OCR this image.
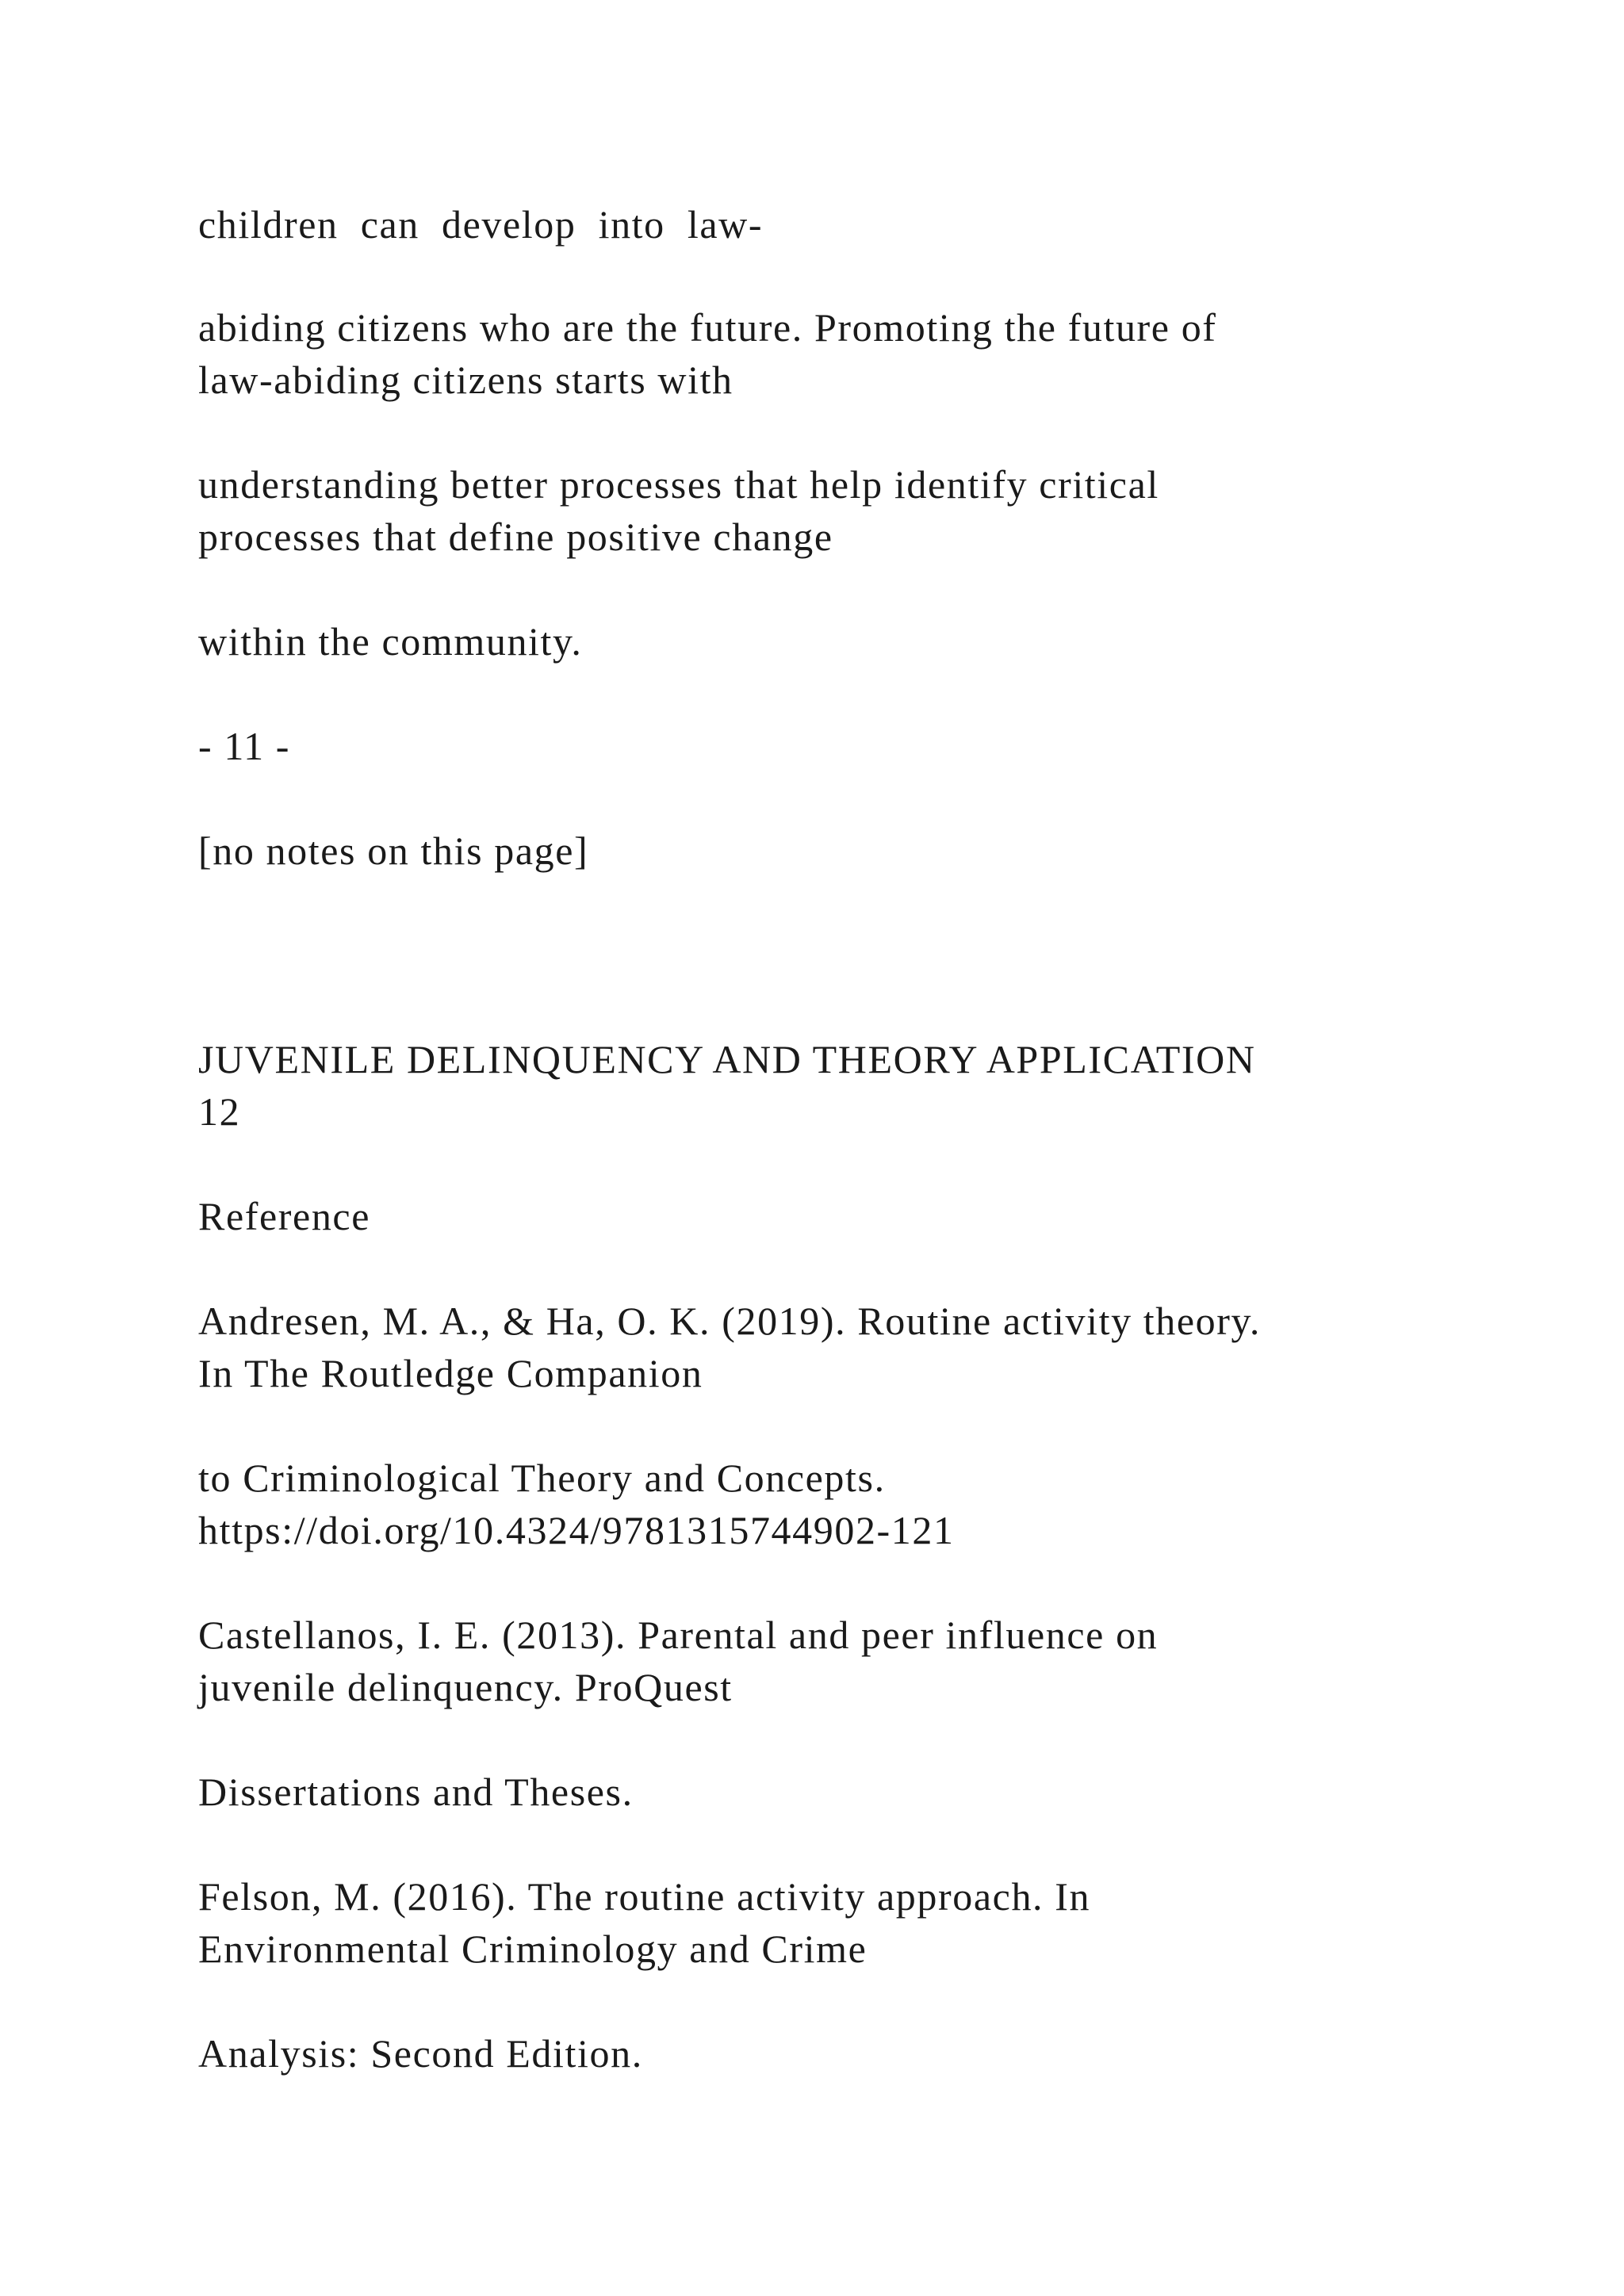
children can develop into law-

abiding citizens who are the future. Promoting the future of

law-abiding citizens starts with

understanding better processes that help identify critical

processes that define positive change

within the community.

- 11 -

[no notes on this page]

JUVENILE DELINQUENCY AND THEORY APPLICATION

12

Reference

Andresen, M. A., & Ha, O. K. (2019). Routine activity theory.

In The Routledge Companion

to Criminological Theory and Concepts.

https://doi.org/10.4324/9781315744902-121

Castellanos, I. E. (2013). Parental and peer influence on

juvenile delinquency. ProQuest

Dissertations and Theses.

Felson, M. (2016). The routine activity approach. In

Environmental Criminology and Crime

Analysis: Second Edition.
